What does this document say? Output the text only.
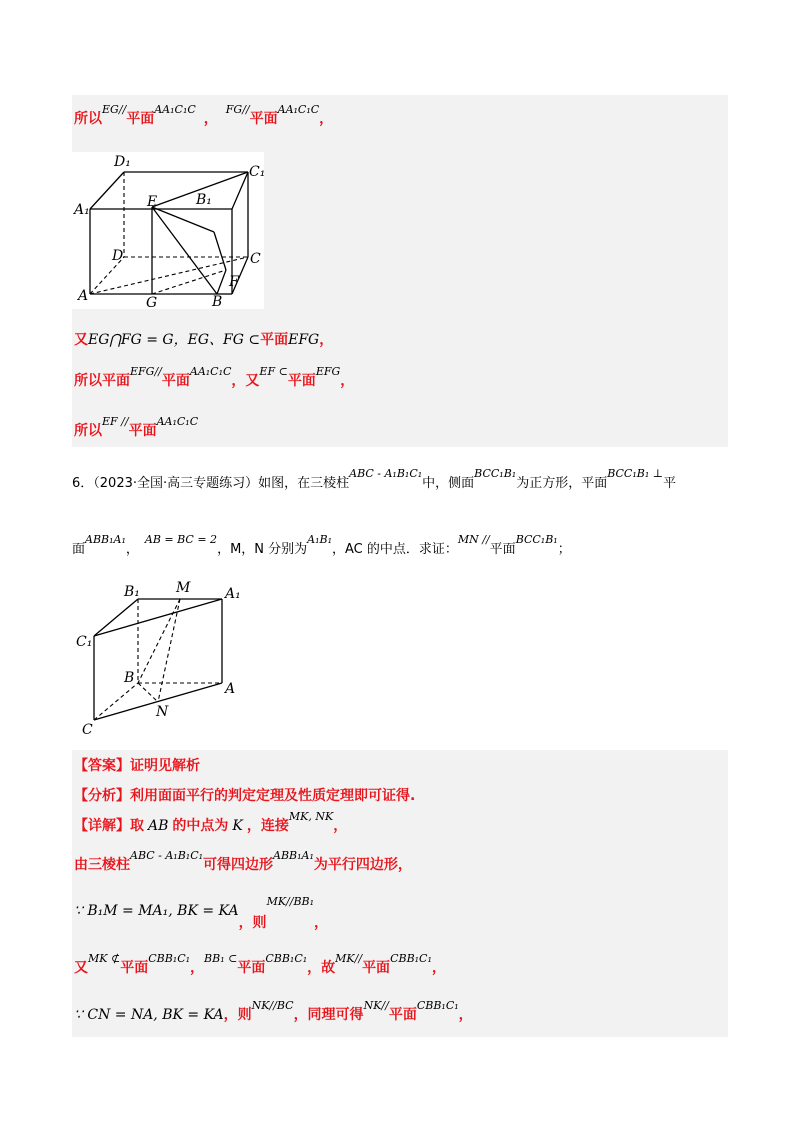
所以$^{EG//}$平面$^{AA_1C_1C}$，$^{FG//}$平面$^{AA_1C_1C}$，
D₁
C₁
A₁	E	B₁
D	C
F
A	G	B
又EG⋂FG = G，EG、FG ⊂平面EFG，
所以平面$^{EFG//}$平面$^{AA_1C_1C}$，又$^{EF \subset}$平面$^{EFG}$，
所以$^{EF //}$平面$^{AA_1C_1C}$
6．（2023·全国·高三专题练习）如图，在三棱柱$^{ABC - A_1B_1C_1}$中，侧面$^{BCC_1B_1}$为正方形，平面$^{BCC_1B_1 \perp}$平
面$^{ABB_1A_1}$，$^{AB = BC = 2}$，M，N 分别为$^{A_1B_1}$，AC 的中点．求证：$^{MN //}$平面$^{BCC_1B_1}$；
B₁	M A₁
C₁
B
A
N
C
【答案】证明见解析
【分析】利用面面平行的判定定理及性质定理即可证得.
【详解】取 AB 的中点为 K ，连接$^{MK, NK}$，
由三棱柱$^{ABC - A_1B_1C_1}$可得四边形$^{ABB_1A_1}$为平行四边形，
∵ B₁M = MA₁, BK = KA，则$^{MK//BB_1}$，
又$^{MK ⊄}$平面$^{CBB_1C_1}$，$^{BB_1 \subset}$平面$^{CBB_1C_1}$，故$^{MK//}$平面$^{CBB_1C_1}$，
∵ CN = NA, BK = KA，则$^{NK//BC}$，同理可得$^{NK//}$平面$^{CBB_1C_1}$，
